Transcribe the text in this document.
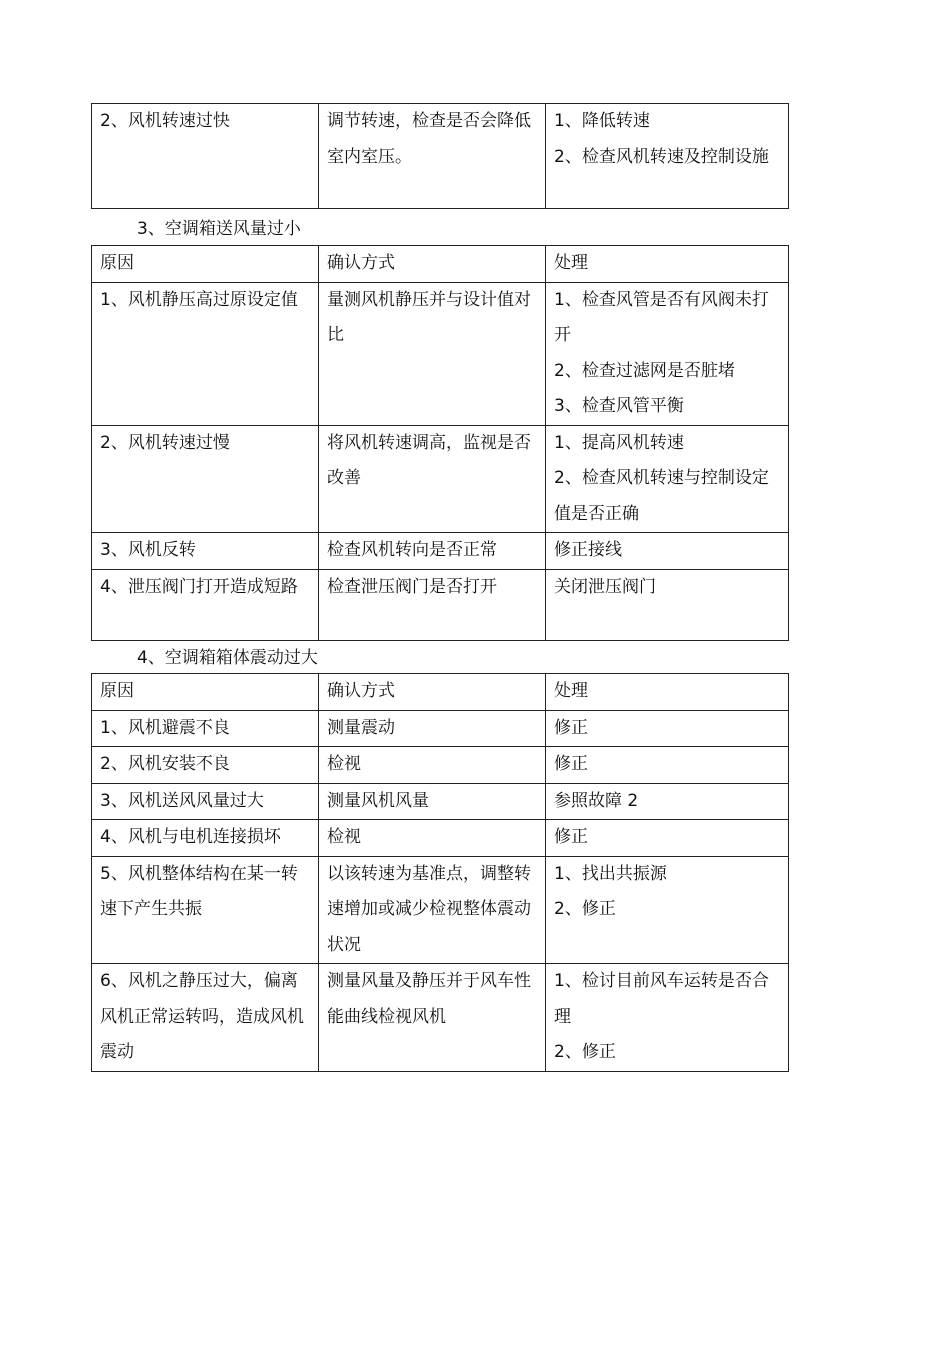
2、风机转速过快	调节转速，检查是否会降低室内室压。	
1、降低转速
2、检查风机转速及控制设施
3、空调箱送风量过小
原因	确认方式	处理
1、风机静压高过原设定值	量测风机静压并与设计值对比	1、检查风管是否有风阀未打开
2、检查过滤网是否脏堵
3、检查风管平衡

2、风机转速过慢	将风机转速调高，监视是否改善	1、提高风机转速
2、检查风机转速与控制设定值是否正确

3、风机反转	检查风机转向是否正常	修正接线
4、泄压阀门打开造成短路	检查泄压阀门是否打开	关闭泄压阀门
4、空调箱箱体震动过大
原因	确认方式	处理
1、风机避震不良	测量震动	修正
2、风机安装不良	检视	修正
3、风机送风风量过大	测量风机风量	参照故障 2
4、风机与电机连接损坏	检视	修正
5、风机整体结构在某一转速下产生共振	以该转速为基准点，调整转速增加或减少检视整体震动状况	1、找出共振源
2、修正

6、风机之静压过大，偏离风机正常运转吗，造成风机震动	测量风量及静压并于风车性能曲线检视风机	1、检讨目前风车运转是否合理
2、修正
